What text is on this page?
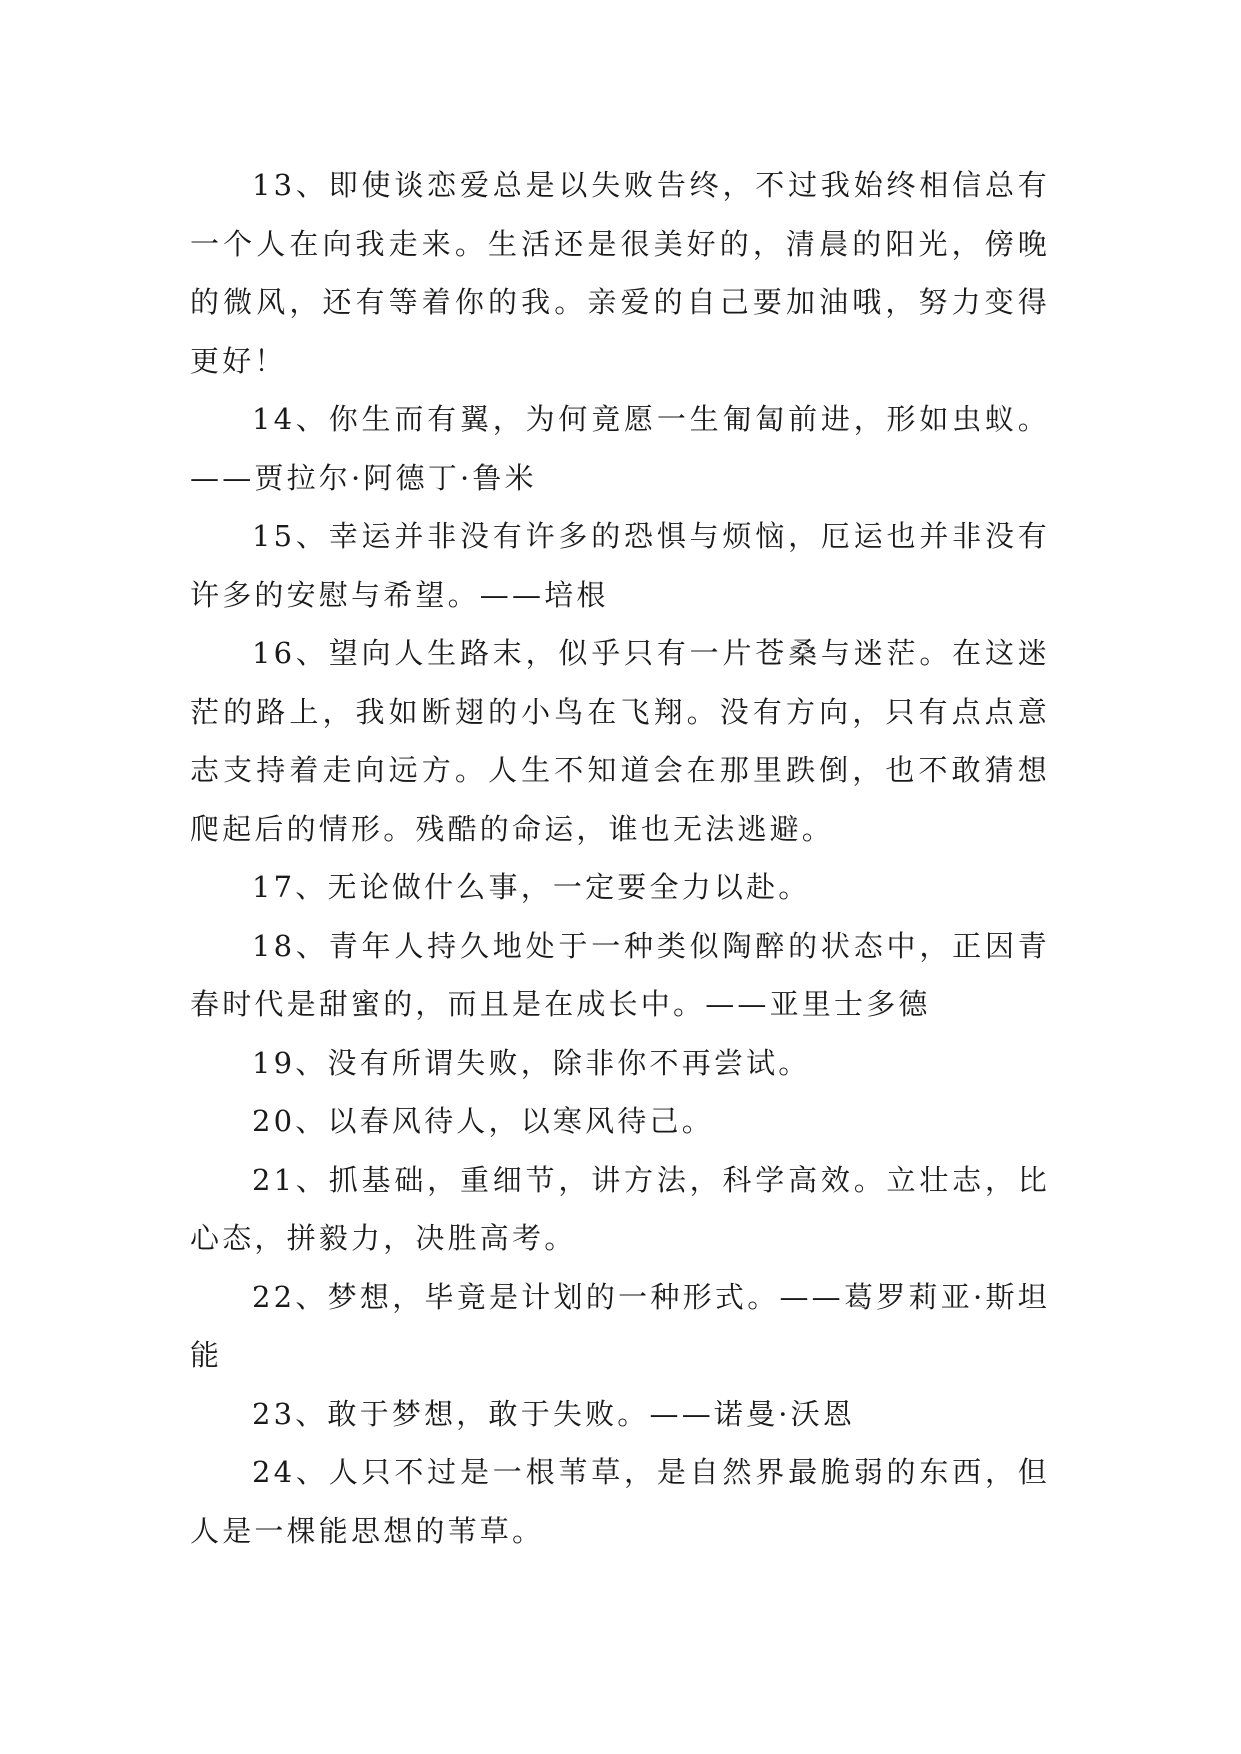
13、即使谈恋爱总是以失败告终，不过我始终相信总有一个人在向我走来。生活还是很美好的，清晨的阳光，傍晚的微风，还有等着你的我。亲爱的自己要加油哦，努力变得更好！

14、你生而有翼，为何竟愿一生匍匐前进，形如虫蚁。——贾拉尔·阿德丁·鲁米

15、幸运并非没有许多的恐惧与烦恼，厄运也并非没有许多的安慰与希望。——培根

16、望向人生路末，似乎只有一片苍桑与迷茫。在这迷茫的路上，我如断翅的小鸟在飞翔。没有方向，只有点点意志支持着走向远方。人生不知道会在那里跌倒，也不敢猜想爬起后的情形。残酷的命运，谁也无法逃避。

17、无论做什么事，一定要全力以赴。

18、青年人持久地处于一种类似陶醉的状态中，正因青春时代是甜蜜的，而且是在成长中。——亚里士多德

19、没有所谓失败，除非你不再尝试。

20、以春风待人，以寒风待己。

21、抓基础，重细节，讲方法，科学高效。立壮志，比心态，拼毅力，决胜高考。

22、梦想，毕竟是计划的一种形式。——葛罗莉亚·斯坦能

23、敢于梦想，敢于失败。——诺曼·沃恩

24、人只不过是一根苇草，是自然界最脆弱的东西，但人是一棵能思想的苇草。
